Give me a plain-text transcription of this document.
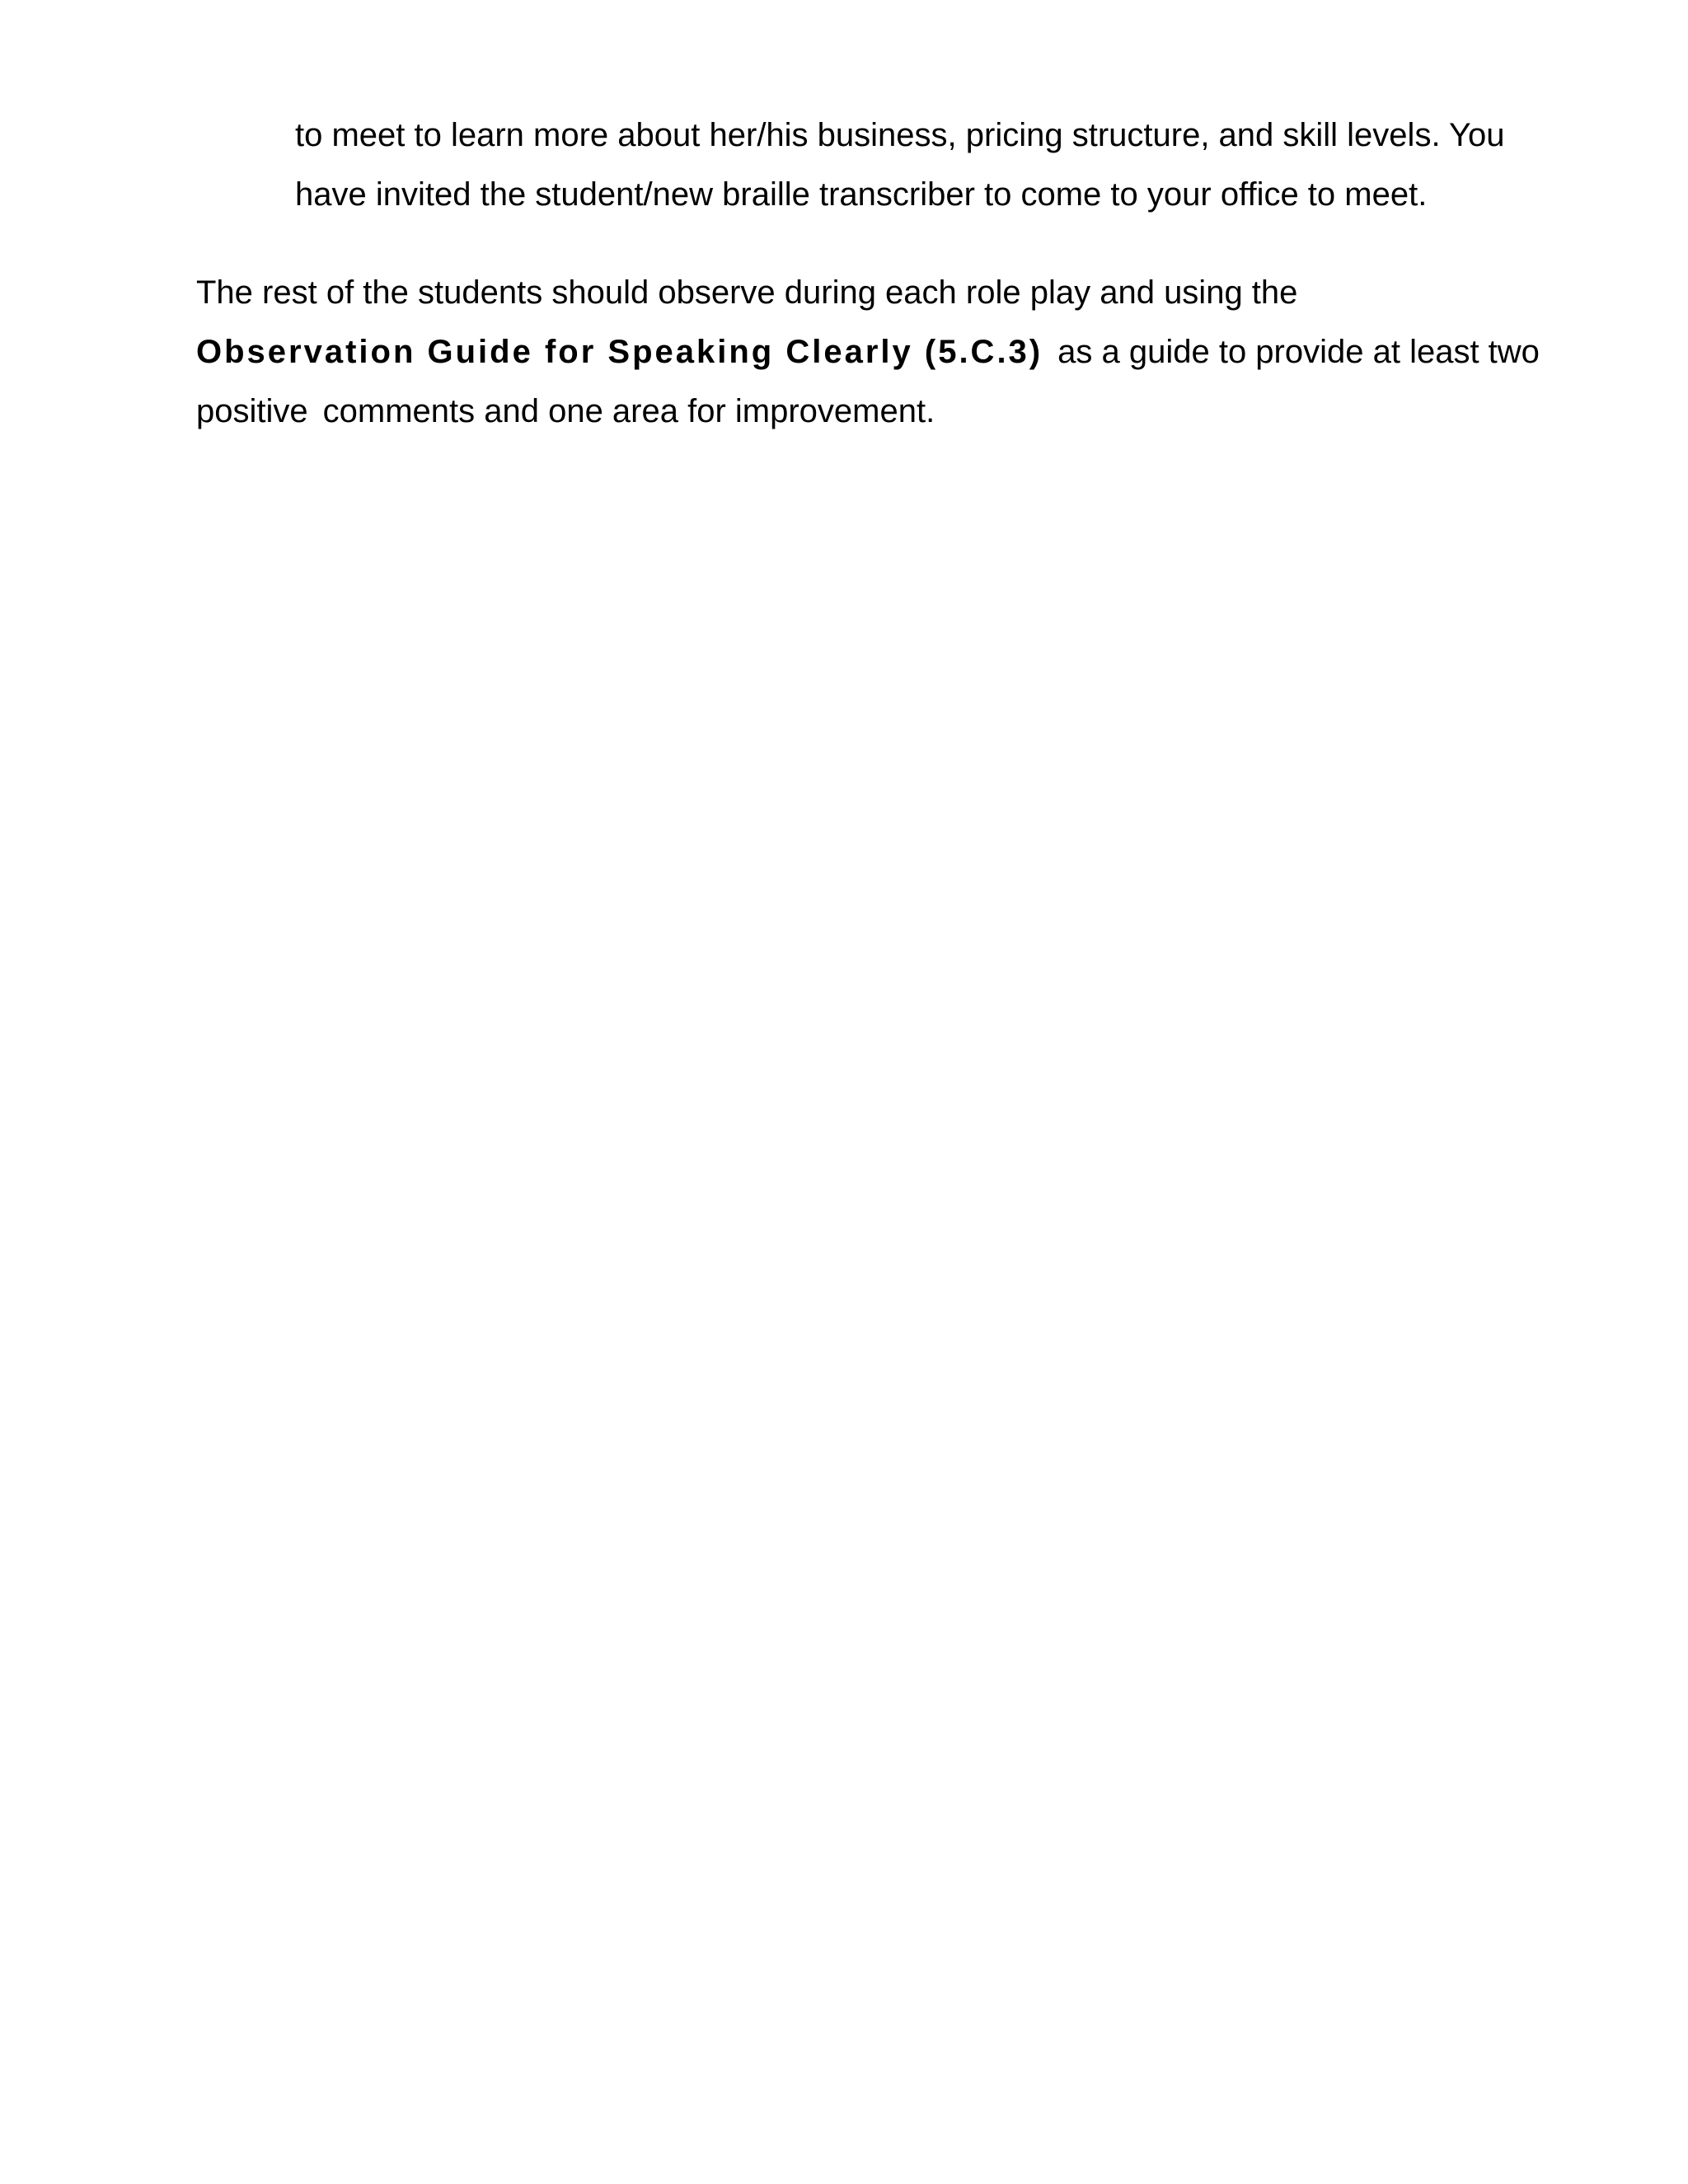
to meet to learn more about her/his business, pricing structure, and skill levels. You
have invited the student/new braille transcriber to come to your office to meet.

The rest of the students should observe during each role play and using the
Observation Guide for Speaking Clearly (5.C.3) as a guide to provide at least two
positive comments and one area for improvement.
